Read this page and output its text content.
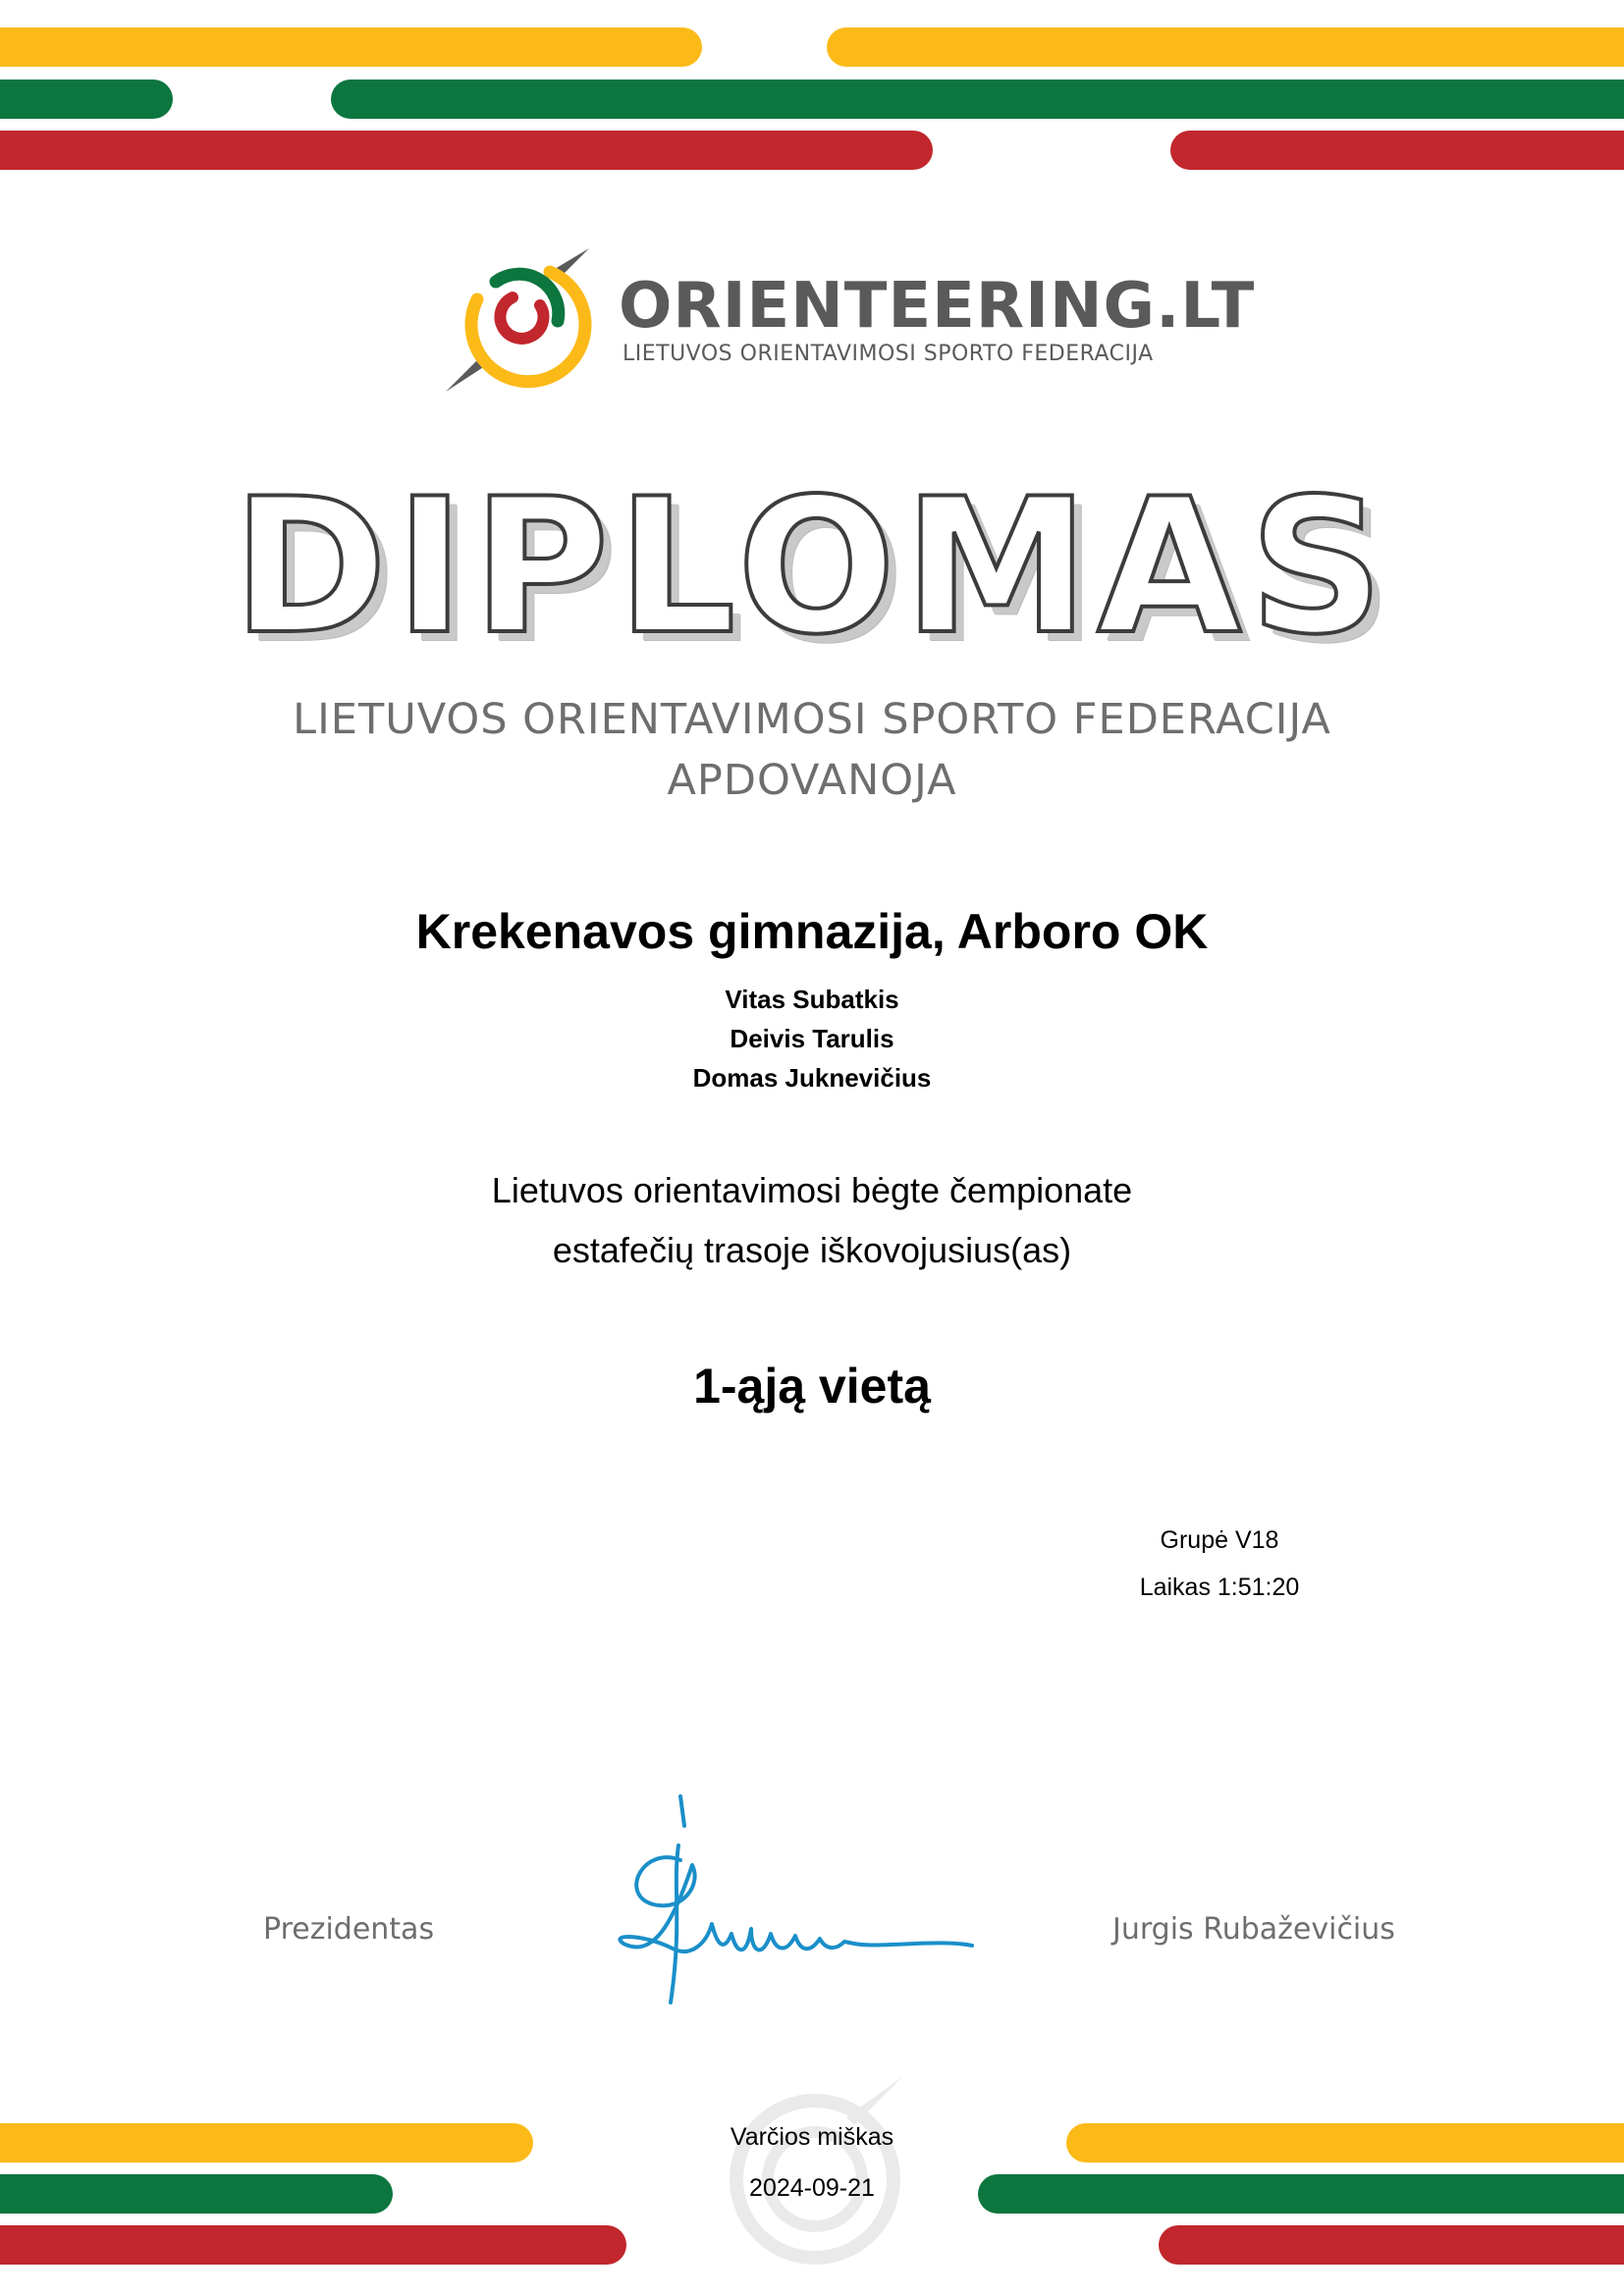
ORIENTEERING.LT
LIETUVOS ORIENTAVIMOSI SPORTO FEDERACIJA
DIPLOMAS
LIETUVOS ORIENTAVIMOSI SPORTO FEDERACIJA
APDOVANOJA
Krekenavos gimnazija, Arboro OK
Vitas Subatkis
Deivis Tarulis
Domas Juknevičius
Lietuvos orientavimosi bėgte čempionate
estafečių trasoje iškovojusius(as)
1-ąją vietą
Grupė V18
Laikas 1:51:20
Prezidentas	Jurgis Rubaževičius
Varčios miškas
2024-09-21
